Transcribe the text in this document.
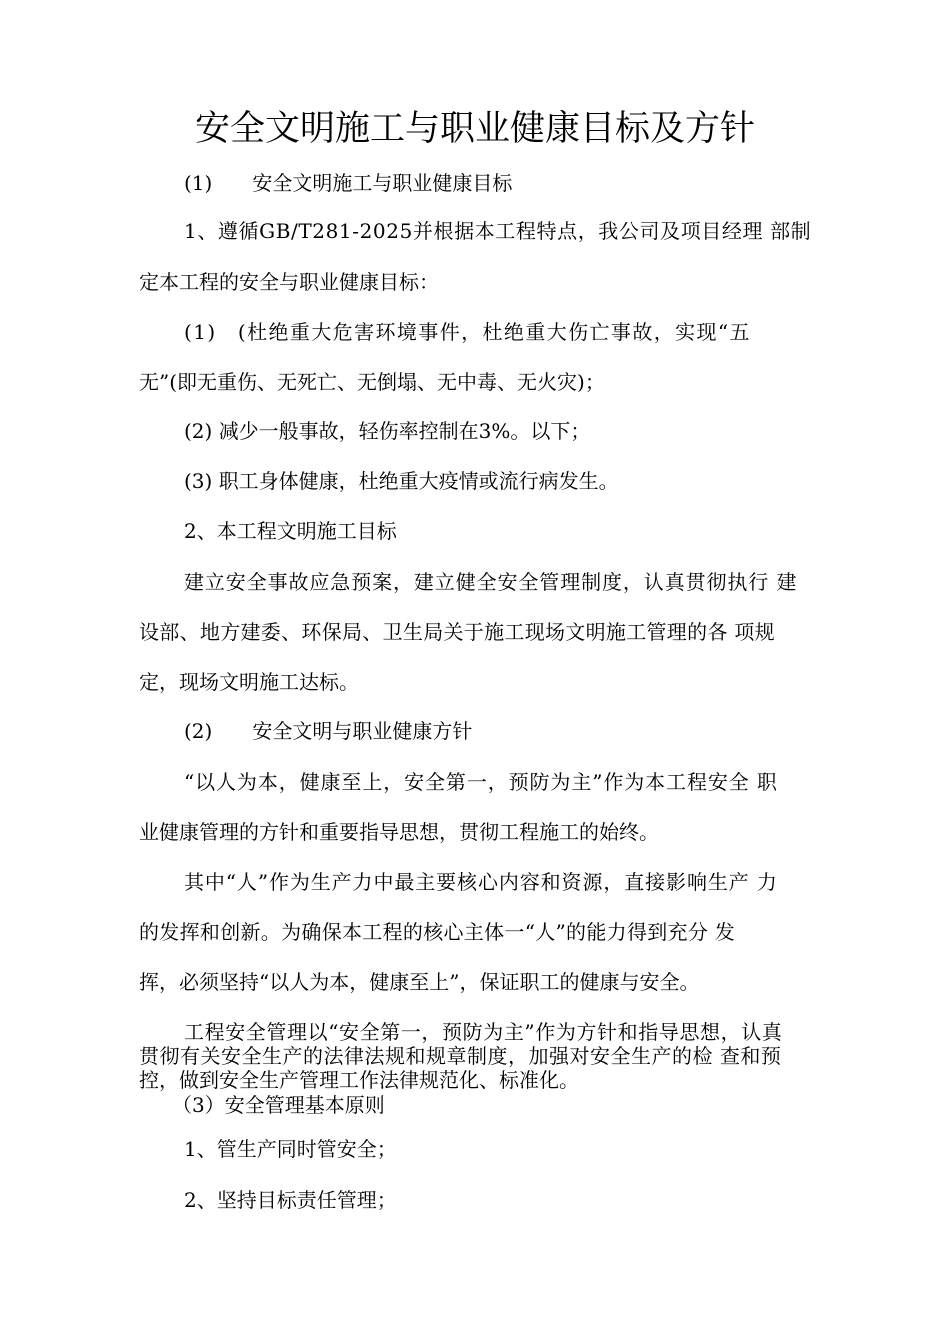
安全文明施工与职业健康目标及方针
(1)　　安全文明施工与职业健康目标
1、遵循GB/T281-2025并根据本工程特点，我公司及项目经理 部制
定本工程的安全与职业健康目标：
(1)　(杜绝重大危害环境事件，杜绝重大伤亡事故，实现“五
无”(即无重伤、无死亡、无倒塌、无中毒、无火灾)；
(2) 减少一般事故，轻伤率控制在3%。以下；
(3) 职工身体健康，杜绝重大疫情或流行病发生。
2、本工程文明施工目标
建立安全事故应急预案，建立健全安全管理制度，认真贯彻执行 建
设部、地方建委、环保局、卫生局关于施工现场文明施工管理的各 项规
定，现场文明施工达标。
(2)　　安全文明与职业健康方针
“以人为本，健康至上，安全第一，预防为主”作为本工程安全 职
业健康管理的方针和重要指导思想，贯彻工程施工的始终。
其中“人”作为生产力中最主要核心内容和资源，直接影响生产 力
的发挥和创新。为确保本工程的核心主体一“人”的能力得到充分 发
挥，必须坚持“以人为本，健康至上”，保证职工的健康与安全。
工程安全管理以“安全第一，预防为主”作为方针和指导思想，认真
贯彻有关安全生产的法律法规和规章制度，加强对安全生产的检 查和预
控，做到安全生产管理工作法律规范化、标准化。
（3）安全管理基本原则
1、管生产同时管安全；
2、坚持目标责任管理；
